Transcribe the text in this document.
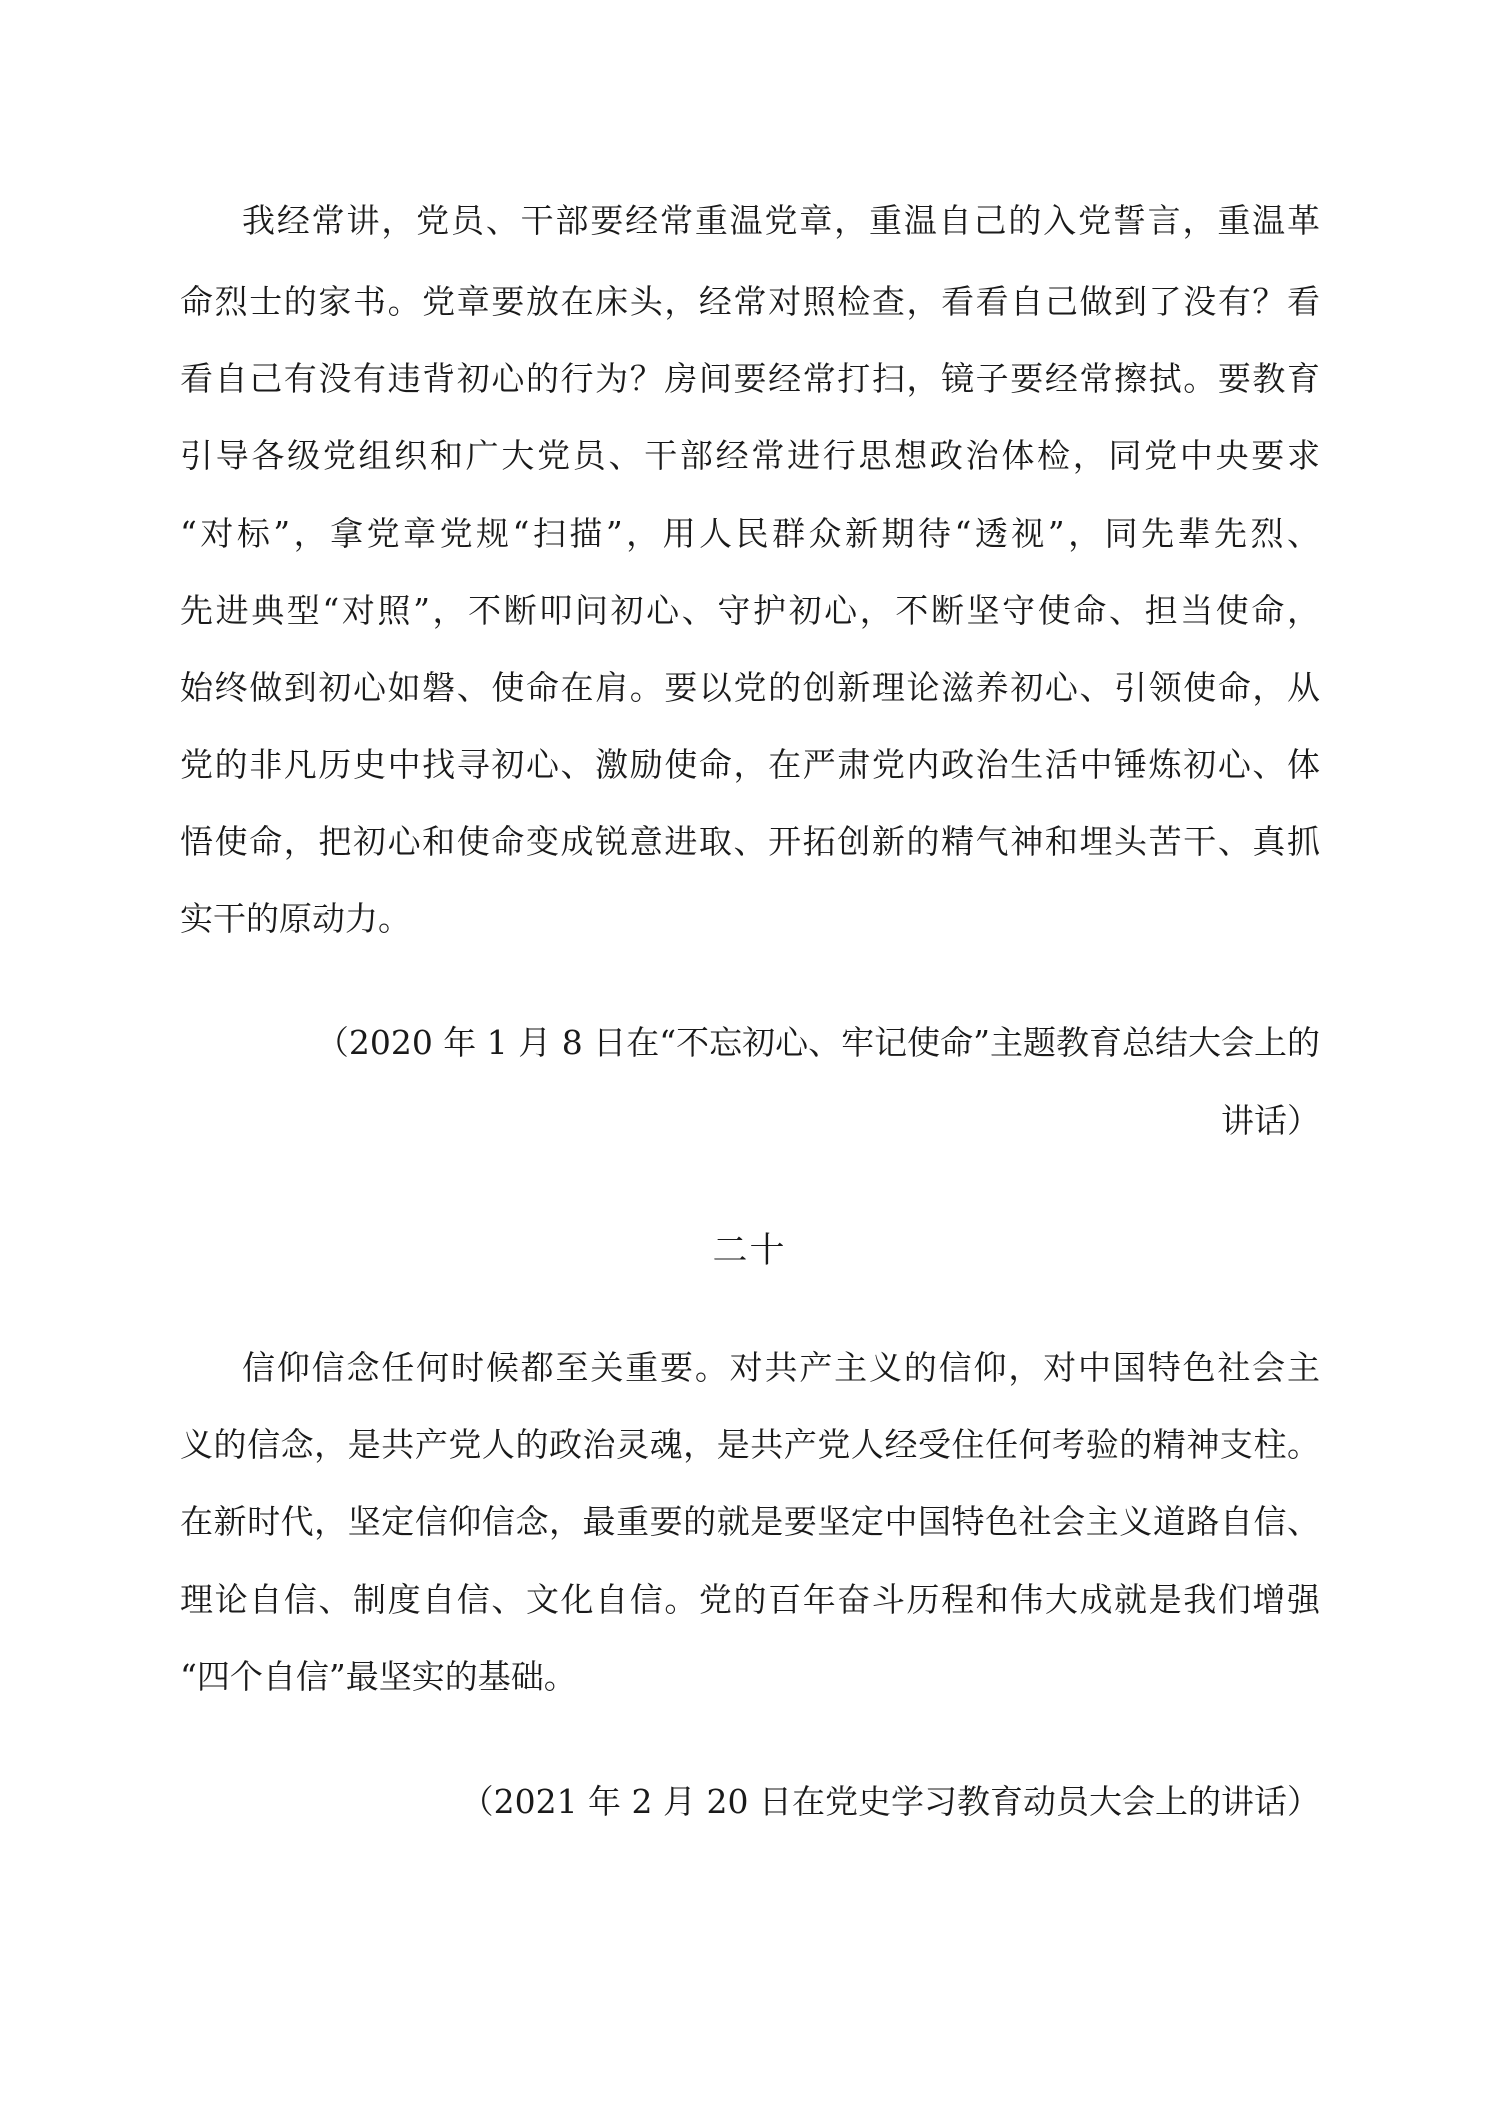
我经常讲，党员、干部要经常重温党章，重温自己的入党誓言，重温革
命烈士的家书。党章要放在床头，经常对照检查，看看自己做到了没有？看
看自己有没有违背初心的行为？房间要经常打扫，镜子要经常擦拭。要教育
引导各级党组织和广大党员、干部经常进行思想政治体检，同党中央要求
“对标”，拿党章党规“扫描”，用人民群众新期待“透视”，同先辈先烈、
先进典型“对照”，不断叩问初心、守护初心，不断坚守使命、担当使命，
始终做到初心如磐、使命在肩。要以党的创新理论滋养初心、引领使命，从
党的非凡历史中找寻初心、激励使命，在严肃党内政治生活中锤炼初心、体
悟使命，把初心和使命变成锐意进取、开拓创新的精气神和埋头苦干、真抓
实干的原动力。
（2020 年 1 月 8 日在“不忘初心、牢记使命”主题教育总结大会上的
讲话）
二十
信仰信念任何时候都至关重要。对共产主义的信仰，对中国特色社会主
义的信念，是共产党人的政治灵魂，是共产党人经受住任何考验的精神支柱。
在新时代，坚定信仰信念，最重要的就是要坚定中国特色社会主义道路自信、
理论自信、制度自信、文化自信。党的百年奋斗历程和伟大成就是我们增强
“四个自信”最坚实的基础。
（2021 年 2 月 20 日在党史学习教育动员大会上的讲话）
